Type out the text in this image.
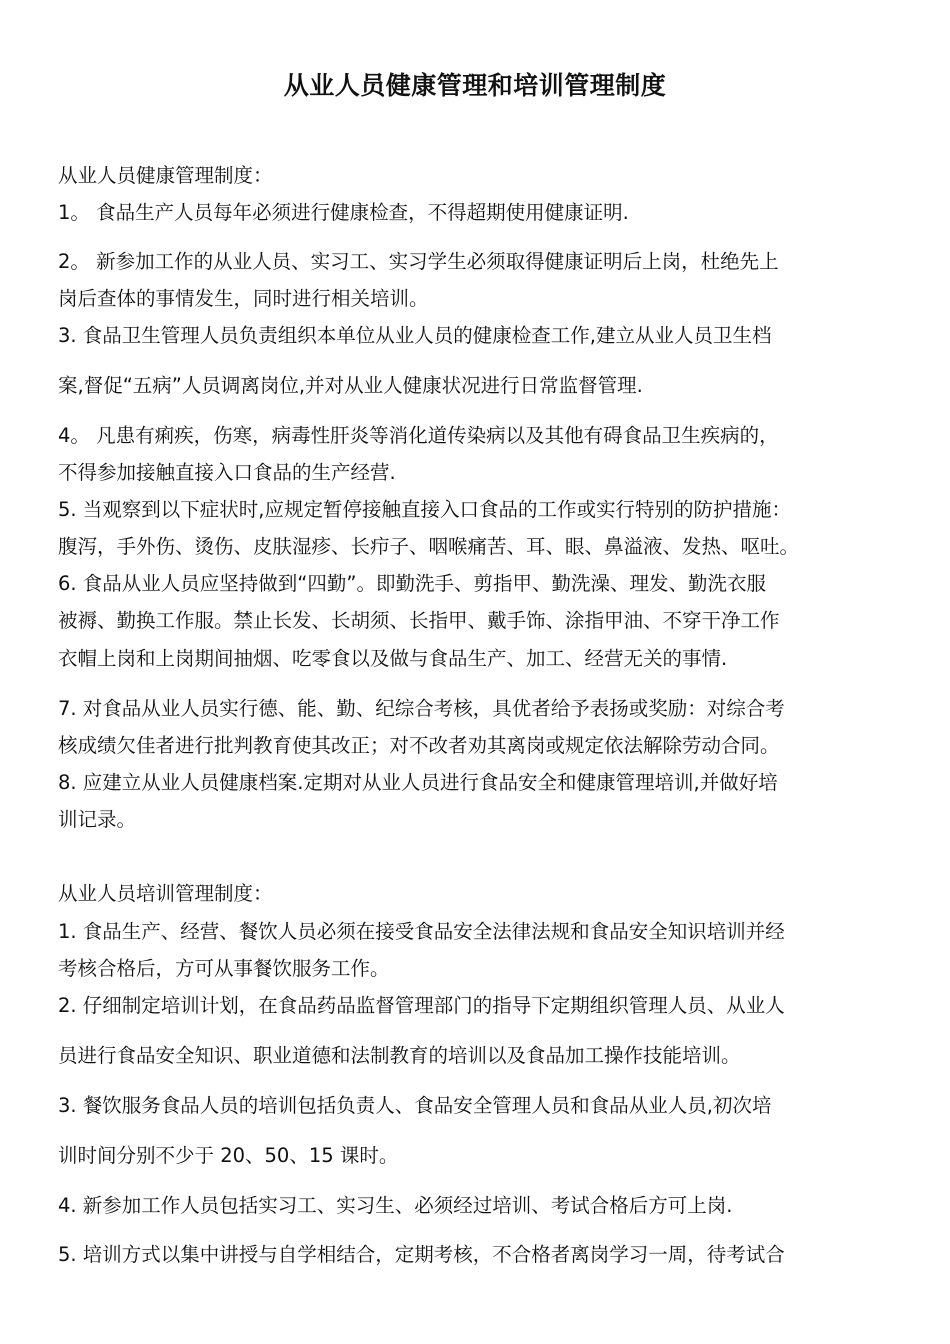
从业人员健康管理和培训管理制度
从业人员健康管理制度：
1。 食品生产人员每年必须进行健康检查，不得超期使用健康证明.
2。 新参加工作的从业人员、实习工、实习学生必须取得健康证明后上岗，杜绝先上
岗后查体的事情发生，同时进行相关培训。
3. 食品卫生管理人员负责组织本单位从业人员的健康检查工作,建立从业人员卫生档
案,督促“五病”人员调离岗位,并对从业人健康状况进行日常监督管理.
4。 凡患有痢疾，伤寒，病毒性肝炎等消化道传染病以及其他有碍食品卫生疾病的，
不得参加接触直接入口食品的生产经营.
5. 当观察到以下症状时,应规定暂停接触直接入口食品的工作或实行特别的防护措施：
腹泻，手外伤、烫伤、皮肤湿疹、长疖子、咽喉痛苦、耳、眼、鼻溢液、发热、呕吐。
6. 食品从业人员应坚持做到“四勤”。即勤洗手、剪指甲、勤洗澡、理发、勤洗衣服
被褥、勤换工作服。禁止长发、长胡须、长指甲、戴手饰、涂指甲油、不穿干净工作
衣帽上岗和上岗期间抽烟、吃零食以及做与食品生产、加工、经营无关的事情.
7. 对食品从业人员实行德、能、勤、纪综合考核，具优者给予表扬或奖励：对综合考
核成绩欠佳者进行批判教育使其改正；对不改者劝其离岗或规定依法解除劳动合同。
8. 应建立从业人员健康档案.定期对从业人员进行食品安全和健康管理培训,并做好培
训记录。
从业人员培训管理制度：
1. 食品生产、经营、餐饮人员必须在接受食品安全法律法规和食品安全知识培训并经
考核合格后，方可从事餐饮服务工作。
2. 仔细制定培训计划，在食品药品监督管理部门的指导下定期组织管理人员、从业人
员进行食品安全知识、职业道德和法制教育的培训以及食品加工操作技能培训。
3. 餐饮服务食品人员的培训包括负责人、食品安全管理人员和食品从业人员,初次培
训时间分别不少于 20、50、15 课时。
4. 新参加工作人员包括实习工、实习生、必须经过培训、考试合格后方可上岗.
5. 培训方式以集中讲授与自学相结合，定期考核，不合格者离岗学习一周，待考试合
